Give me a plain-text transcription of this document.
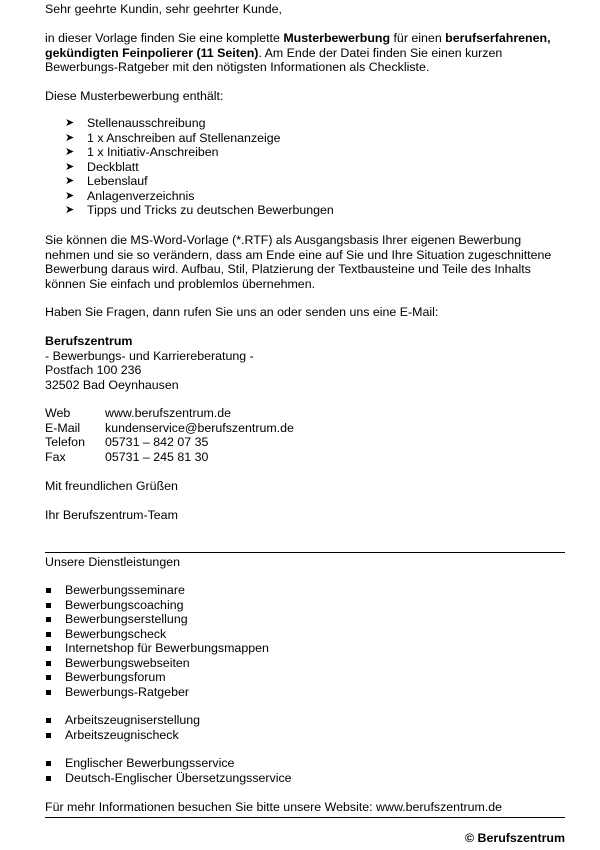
Sehr geehrte Kundin, sehr geehrter Kunde,

in dieser Vorlage finden Sie eine komplette Musterbewerbung für einen berufserfahrenen, gekündigten Feinpolierer (11 Seiten). Am Ende der Datei finden Sie einen kurzen Bewerbungs-Ratgeber mit den nötigsten Informationen als Checkliste.

Diese Musterbewerbung enthält:

➤ Stellenausschreibung
➤ 1 x Anschreiben auf Stellenanzeige
➤ 1 x Initiativ-Anschreiben
➤ Deckblatt
➤ Lebenslauf
➤ Anlagenverzeichnis
➤ Tipps und Tricks zu deutschen Bewerbungen

Sie können die MS-Word-Vorlage (*.RTF) als Ausgangsbasis Ihrer eigenen Bewerbung nehmen und sie so verändern, dass am Ende eine auf Sie und Ihre Situation zugeschnittene Bewerbung daraus wird. Aufbau, Stil, Platzierung der Textbausteine und Teile des Inhalts können Sie einfach und problemlos übernehmen.

Haben Sie Fragen, dann rufen Sie uns an oder senden uns eine E-Mail:

Berufszentrum

- Bewerbungs- und Karriereberatung -

Postfach 100 236

32502 Bad Oeynhausen

Web	www.berufszentrum.de
E-Mail	kundenservice@berufszentrum.de
Telefon	05731 – 842 07 35
Fax	05731 – 245 81 30

Mit freundlichen Grüßen

Ihr Berufszentrum-Team

Unsere Dienstleistungen

Bewerbungsseminare
Bewerbungscoaching
Bewerbungserstellung
Bewerbungscheck
Internetshop für Bewerbungsmappen
Bewerbungswebseiten
Bewerbungsforum
Bewerbungs-Ratgeber
Arbeitszeugniserstellung
Arbeitszeugnischeck
Englischer Bewerbungsservice
Deutsch-Englischer Übersetzungsservice

Für mehr Informationen besuchen Sie bitte unsere Website: www.berufszentrum.de

© Berufszentrum
